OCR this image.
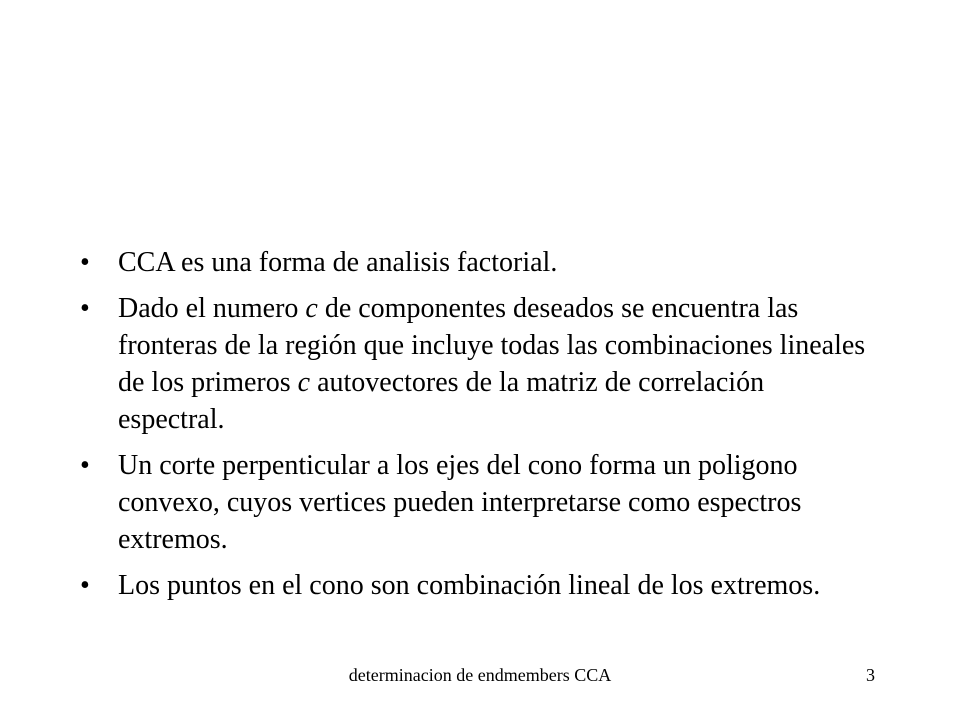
• CCA es una forma de analisis factorial.
• Dado el numero c de componentes deseados se encuentra las fronteras de la región que incluye todas las combinaciones lineales de los primeros c autovectores de la matriz de correlación espectral.
• Un corte perpenticular a los ejes del cono forma un poligono convexo, cuyos vertices pueden interpretarse como espectros extremos.
• Los puntos en el cono son combinación lineal de los extremos.
determinacion de endmembers CCA	3
